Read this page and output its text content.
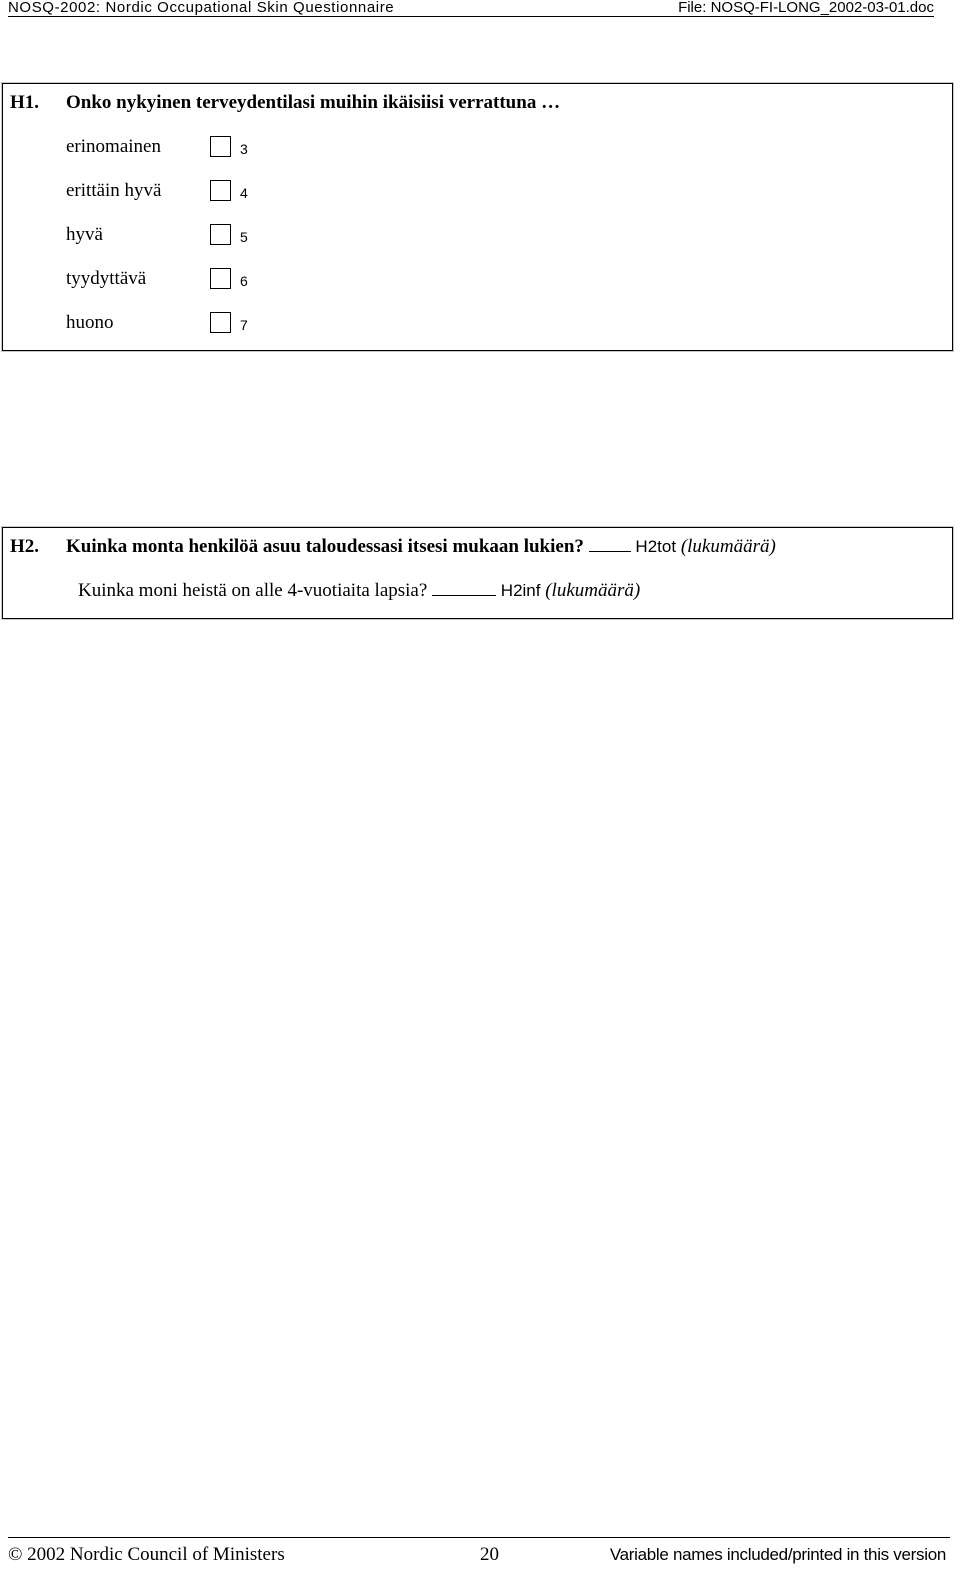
NOSQ-2002: Nordic Occupational Skin Questionnaire	File: NOSQ-FI-LONG_2002-03-01.doc
H1. Onko nykyinen terveydentilasi muihin ikäisiisi verrattuna …
erinomainen	3
erittäin hyvä	4
hyvä	5
tyydyttävä	6
huono	7
H2. Kuinka monta henkilöä asuu taloudessasi itsesi mukaan lukien?	H2tot (lukumäärä)
Kuinka moni heistä on alle 4-vuotiaita lapsia?	H2inf (lukumäärä)
© 2002 Nordic Council of Ministers	20	Variable names included/printed in this version
